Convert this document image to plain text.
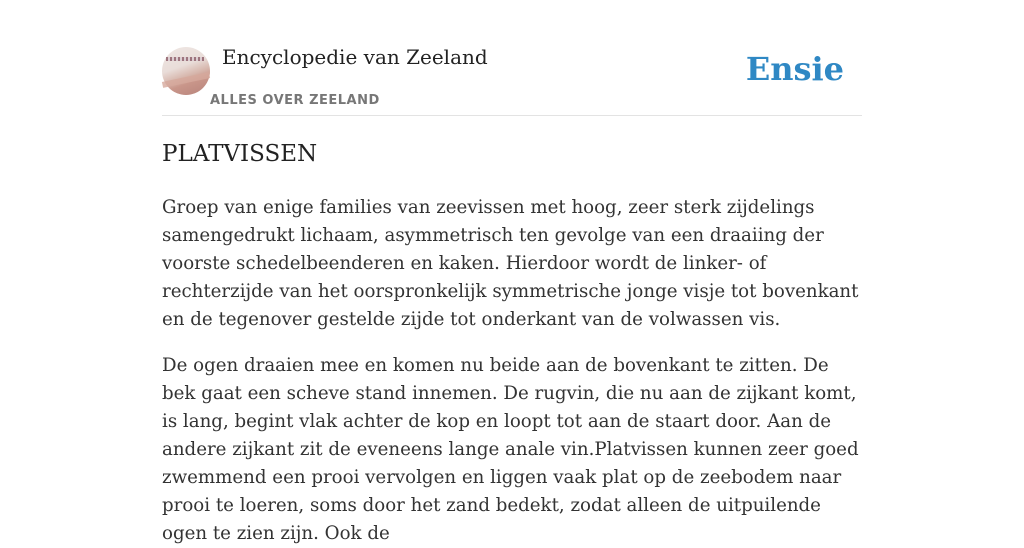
Encyclopedie van Zeeland
ALLES OVER ZEELAND
Ensie
PLATVISSEN

Groep van enige families van zeevissen met hoog, zeer sterk zijdelings samengedrukt lichaam, asymmetrisch ten gevolge van een draaiing der voorste schedelbeenderen en kaken. Hierdoor wordt de linker- of rechterzijde van het oorspronkelijk symmetrische jonge visje tot bovenkant en de tegenover gestelde zijde tot onderkant van de volwassen vis.

De ogen draaien mee en komen nu beide aan de bovenkant te zitten. De bek gaat een scheve stand innemen. De rugvin, die nu aan de zijkant komt, is lang, begint vlak achter de kop en loopt tot aan de staart door. Aan de andere zijkant zit de eveneens lange anale vin.Platvissen kunnen zeer goed zwemmend een prooi vervolgen en liggen vaak plat op de zeebodem naar prooi te loeren, soms door het zand bedekt, zodat alleen de uitpuilende ogen te zien zijn. Ook de
